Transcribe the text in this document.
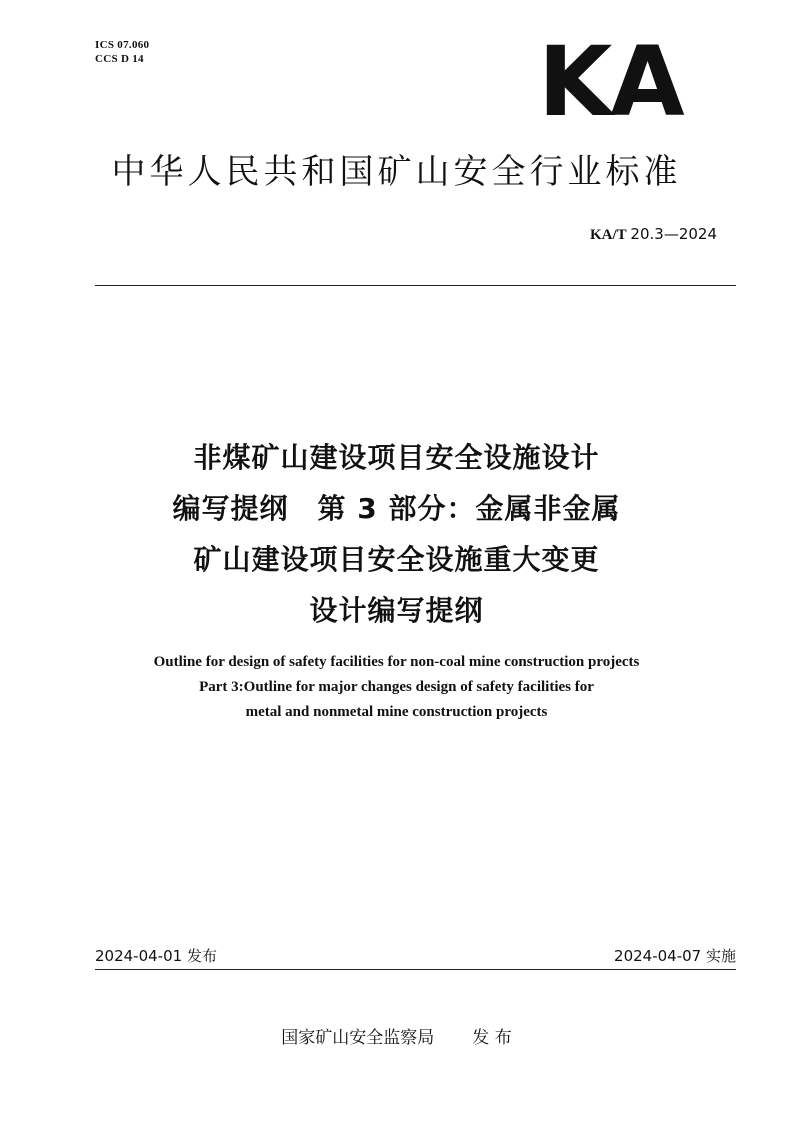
ICS 07.060
CCS D 14	KA
中华人民共和国矿山安全行业标准
KA/T 20.3—2024
非煤矿山建设项目安全设施设计
编写提纲　第 3 部分：金属非金属
矿山建设项目安全设施重大变更
设计编写提纲
Outline for design of safety facilities for non-coal mine construction projects
Part 3:Outline for major changes design of safety facilities for
metal and nonmetal mine construction projects
2024-04-01 发布	2024-04-07 实施
国家矿山安全监察局 发 布
